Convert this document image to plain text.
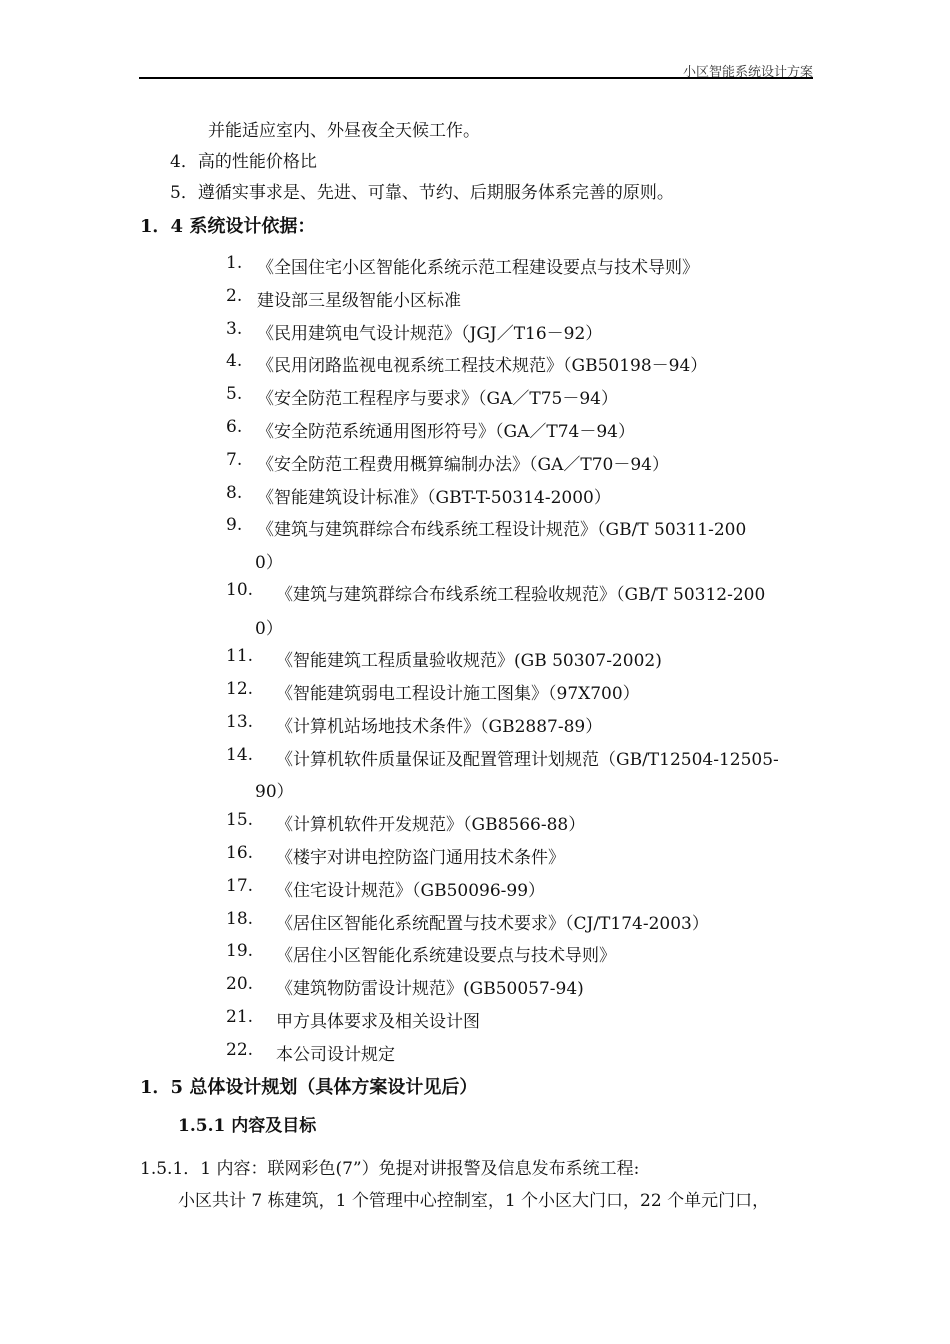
小区智能系统设计方案
并能适应室内、外昼夜全天候工作。
4．高的性能价格比
5．遵循实事求是、先进、可靠、节约、后期服务体系完善的原则。
1．4 系统设计依据：
1. 《全国住宅小区智能化系统示范工程建设要点与技术导则》
2. 建设部三星级智能小区标准
3. 《民用建筑电气设计规范》（JGJ／T16－92）
4. 《民用闭路监视电视系统工程技术规范》（GB50198－94）
5. 《安全防范工程程序与要求》（GA／T75－94）
6. 《安全防范系统通用图形符号》（GA／T74－94）
7. 《安全防范工程费用概算编制办法》（GA／T70－94）
8. 《智能建筑设计标准》（GBT-T-50314-2000）
9. 《建筑与建筑群综合布线系统工程设计规范》（GB/T 50311-200
0）
10. 《建筑与建筑群综合布线系统工程验收规范》（GB/T 50312-200
0）
11. 《智能建筑工程质量验收规范》(GB 50307-2002)
12. 《智能建筑弱电工程设计施工图集》（97X700）
13. 《计算机站场地技术条件》（GB2887-89）
14. 《计算机软件质量保证及配置管理计划规范（GB/T12504-12505-
90）
15. 《计算机软件开发规范》（GB8566-88）
16. 《楼宇对讲电控防盗门通用技术条件》
17. 《住宅设计规范》（GB50096-99）
18. 《居住区智能化系统配置与技术要求》（CJ/T174-2003）
19. 《居住小区智能化系统建设要点与技术导则》
20. 《建筑物防雷设计规范》(GB50057-94)
21. 甲方具体要求及相关设计图
22. 本公司设计规定
1．5 总体设计规划（具体方案设计见后）
1.5.1 内容及目标
1.5.1．1 内容：联网彩色(7”）免提对讲报警及信息发布系统工程:
小区共计 7 栋建筑，1 个管理中心控制室，1 个小区大门口，22 个单元门口，
